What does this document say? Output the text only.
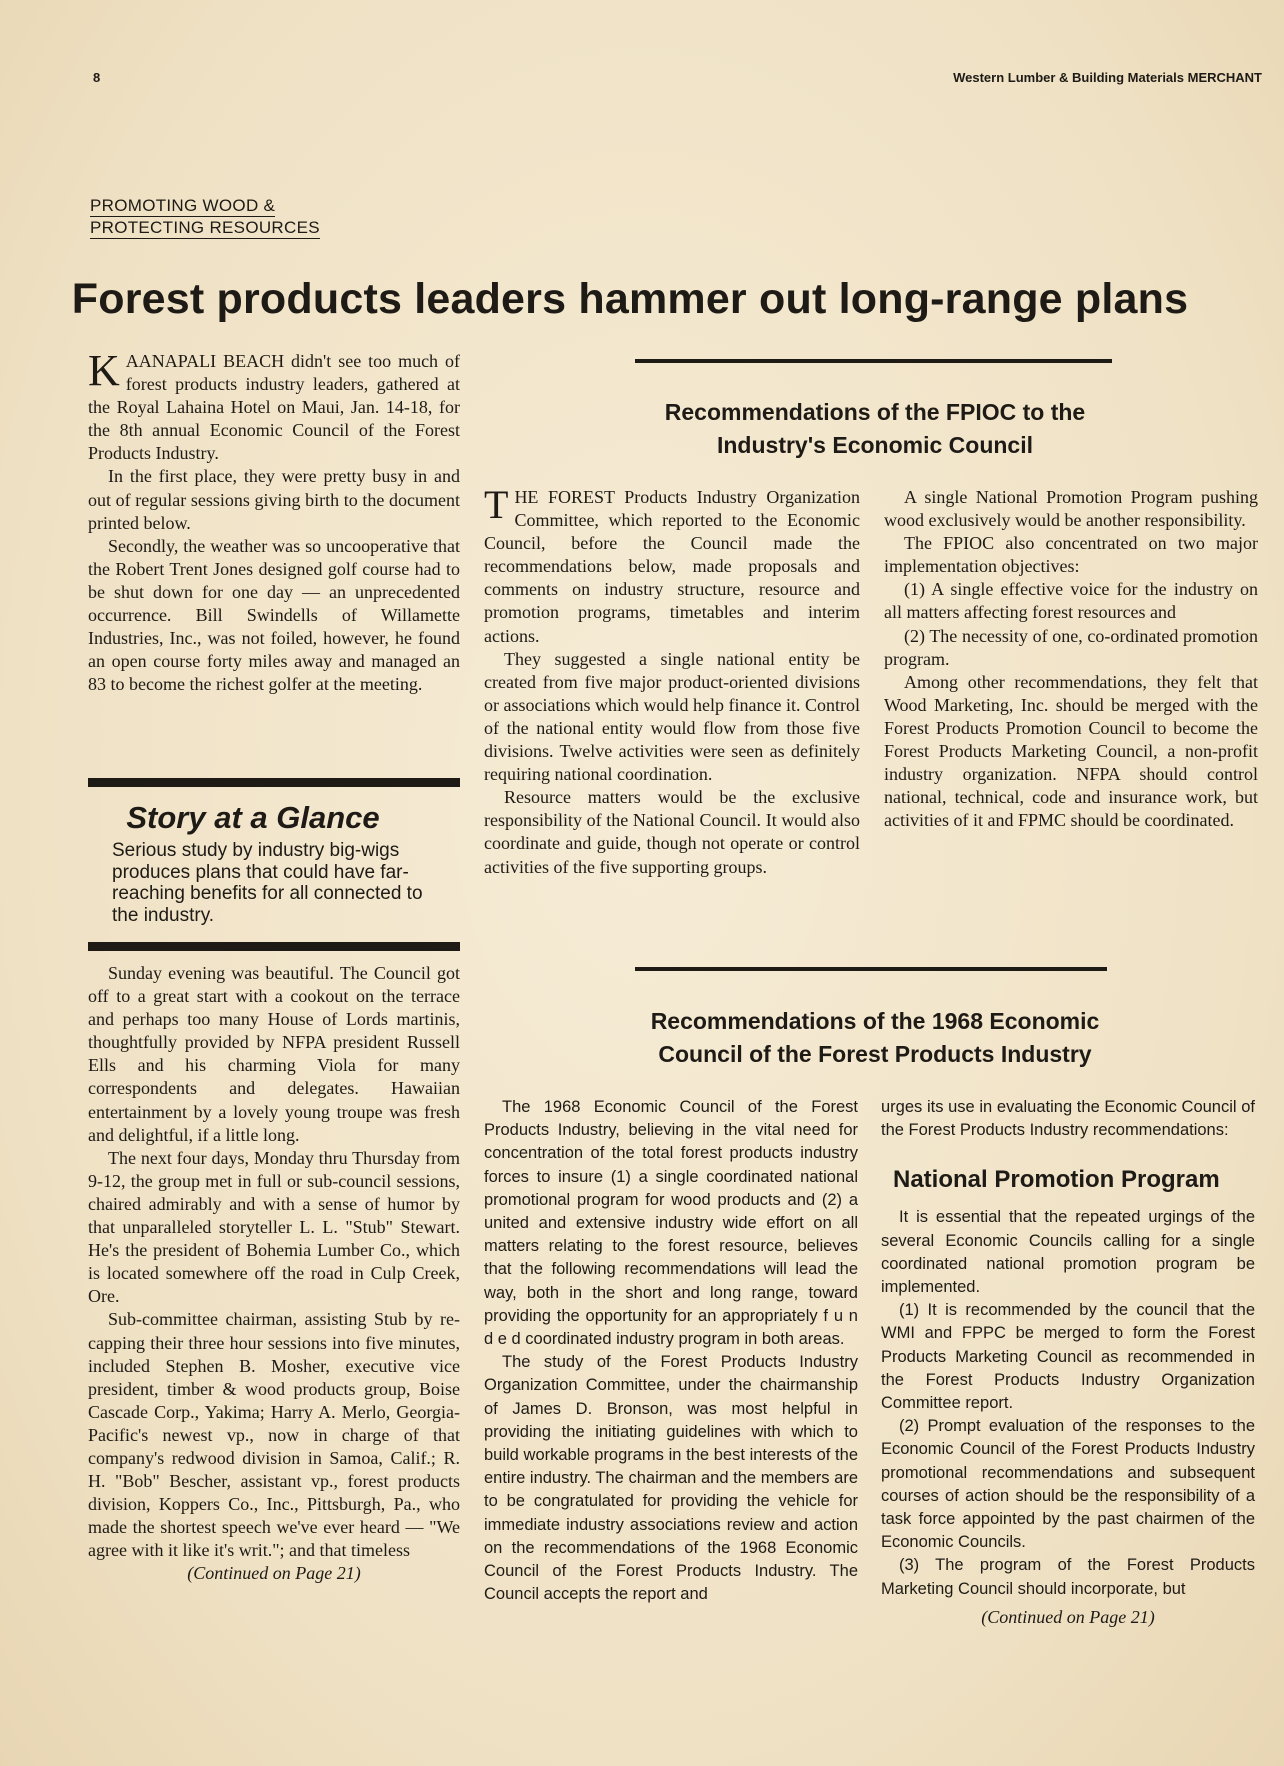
8	Western Lumber & Building Materials MERCHANT
PROMOTING WOOD &
PROTECTING RESOURCES
Forest products leaders hammer out long-range plans

KAANAPALI BEACH didn't see too much of forest products industry leaders, gathered at the Royal Lahaina Hotel on Maui, Jan. 14-18, for the 8th annual Economic Council of the Forest Products Industry.

In the first place, they were pretty busy in and out of regular sessions giving birth to the document printed below.

Secondly, the weather was so uncooperative that the Robert Trent Jones designed golf course had to be shut down for one day — an unprecedented occurrence. Bill Swindells of Willamette Industries, Inc., was not foiled, however, he found an open course forty miles away and managed an 83 to become the richest golfer at the meeting.

Story at a Glance
Serious study by industry big-wigs produces plans that could have far-reaching benefits for all connected to the industry.

Sunday evening was beautiful. The Council got off to a great start with a cookout on the terrace and perhaps too many House of Lords martinis, thoughtfully provided by NFPA president Russell Ells and his charming Viola for many correspondents and delegates. Hawaiian entertainment by a lovely young troupe was fresh and delightful, if a little long.

The next four days, Monday thru Thursday from 9-12, the group met in full or sub-council sessions, chaired admirably and with a sense of humor by that unparalleled storyteller L. L. "Stub" Stewart. He's the president of Bohemia Lumber Co., which is located somewhere off the road in Culp Creek, Ore.

Sub-committee chairman, assisting Stub by re-capping their three hour sessions into five minutes, included Stephen B. Mosher, executive vice president, timber & wood products group, Boise Cascade Corp., Yakima; Harry A. Merlo, Georgia-Pacific's newest vp., now in charge of that company's redwood division in Samoa, Calif.; R. H. "Bob" Bescher, assistant vp., forest products division, Koppers Co., Inc., Pittsburgh, Pa., who made the shortest speech we've ever heard — "We agree with it like it's writ."; and that timeless

(Continued on Page 21)
Recommendations of the FPIOC to the
Industry's Economic Council

THE FOREST Products Industry Organization Committee, which reported to the Economic Council, before the Council made the recommendations below, made proposals and comments on industry structure, resource and promotion programs, timetables and interim actions.

They suggested a single national entity be created from five major product-oriented divisions or associations which would help finance it. Control of the national entity would flow from those five divisions. Twelve activities were seen as definitely requiring national coordination.

Resource matters would be the exclusive responsibility of the National Council. It would also coordinate and guide, though not operate or control activities of the five supporting groups.

A single National Promotion Program pushing wood exclusively would be another responsibility.

The FPIOC also concentrated on two major implementation objectives:

(1) A single effective voice for the industry on all matters affecting forest resources and

(2) The necessity of one, co-ordinated promotion program.

Among other recommendations, they felt that Wood Marketing, Inc. should be merged with the Forest Products Promotion Council to become the Forest Products Marketing Council, a non-profit industry organization. NFPA should control national, technical, code and insurance work, but activities of it and FPMC should be coordinated.

Recommendations of the 1968 Economic
Council of the Forest Products Industry

The 1968 Economic Council of the Forest Products Industry, believing in the vital need for concentration of the total forest products industry forces to insure (1) a single coordinated national promotional program for wood products and (2) a united and extensive industry wide effort on all matters relating to the forest resource, believes that the following recommendations will lead the way, both in the short and long range, toward providing the opportunity for an appropriately f u n d e d coordinated industry program in both areas.

The study of the Forest Products Industry Organization Committee, under the chairmanship of James D. Bronson, was most helpful in providing the initiating guidelines with which to build workable programs in the best interests of the entire industry. The chairman and the members are to be congratulated for providing the vehicle for immediate industry associations review and action on the recommendations of the 1968 Economic Council of the Forest Products Industry. The Council accepts the report and

urges its use in evaluating the Economic Council of the Forest Products Industry recommendations:

National Promotion Program

It is essential that the repeated urgings of the several Economic Councils calling for a single coordinated national promotion program be implemented.

(1) It is recommended by the council that the WMI and FPPC be merged to form the Forest Products Marketing Council as recommended in the Forest Products Industry Organization Committee report.

(2) Prompt evaluation of the responses to the Economic Council of the Forest Products Industry promotional recommendations and subsequent courses of action should be the responsibility of a task force appointed by the past chairmen of the Economic Councils.

(3) The program of the Forest Products Marketing Council should incorporate, but

(Continued on Page 21)
